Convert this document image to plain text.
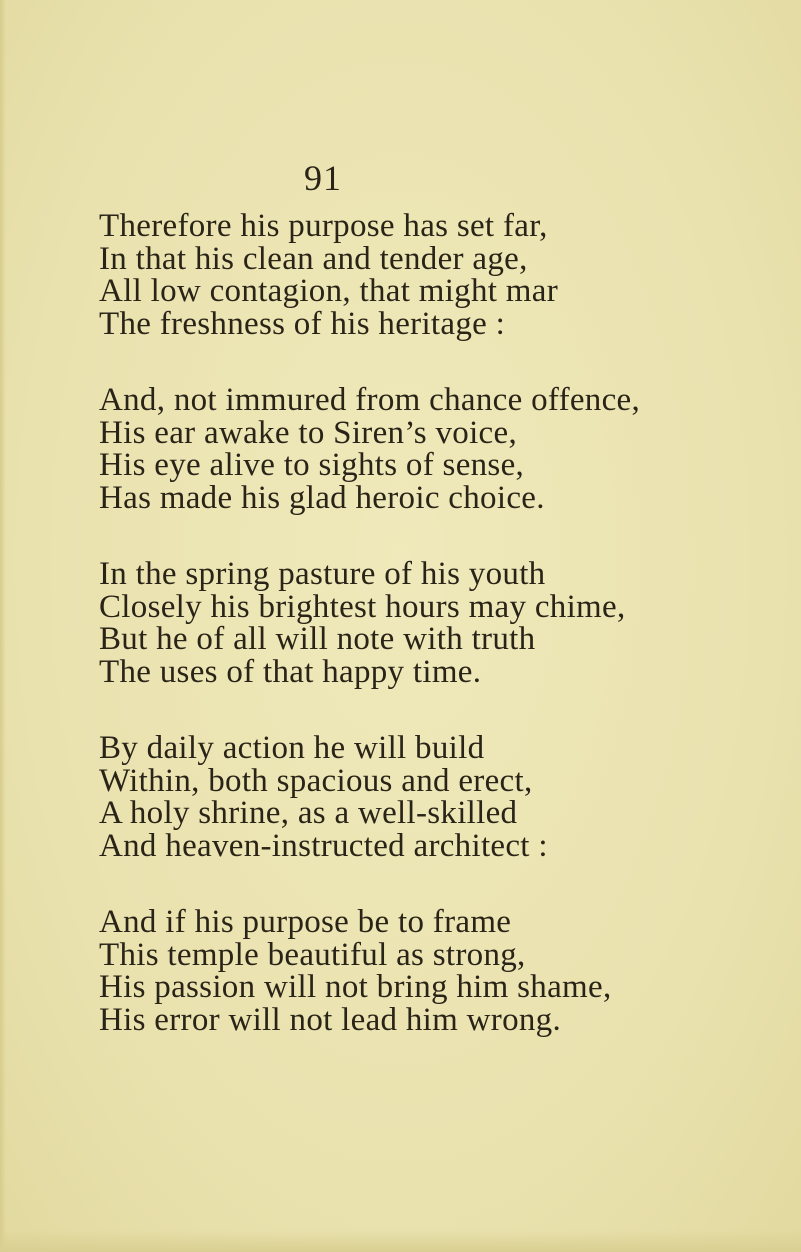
91
Therefore his purpose has set far,
In that his clean and tender age,
All low contagion, that might mar
The freshness of his heritage :
And, not immured from chance offence,
His ear awake to Siren’s voice,
His eye alive to sights of sense,
Has made his glad heroic choice.
In the spring pasture of his youth
Closely his brightest hours may chime,
But he of all will note with truth
The uses of that happy time.
By daily action he will build
Within, both spacious and erect,
A holy shrine, as a well-skilled
And heaven-instructed architect :
And if his purpose be to frame
This temple beautiful as strong,
His passion will not bring him shame,
His error will not lead him wrong.
